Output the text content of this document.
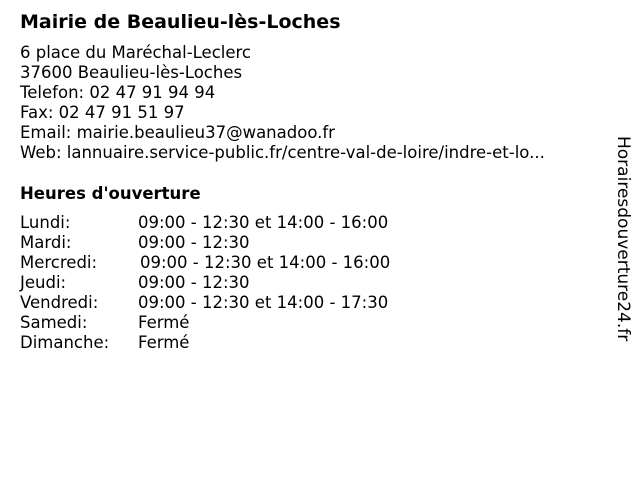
Mairie de Beaulieu-lès-Loches
6 place du Maréchal-Leclerc
37600 Beaulieu-lès-Loches
Telefon: 02 47 91 94 94
Fax: 02 47 91 51 97
Email: mairie.beaulieu37@wanadoo.fr
Web: lannuaire.service-public.fr/centre-val-de-loire/indre-et-lo...
Heures d'ouverture
Lundi:	09:00 - 12:30 et 14:00 - 16:00
Mardi:	09:00 - 12:30
Mercredi:	09:00 - 12:30 et 14:00 - 16:00
Jeudi:	09:00 - 12:30
Vendredi: 09:00 - 12:30 et 14:00 - 17:30
Samedi:	Fermé
Dimanche: Fermé
Horairesdouverture24.fr
